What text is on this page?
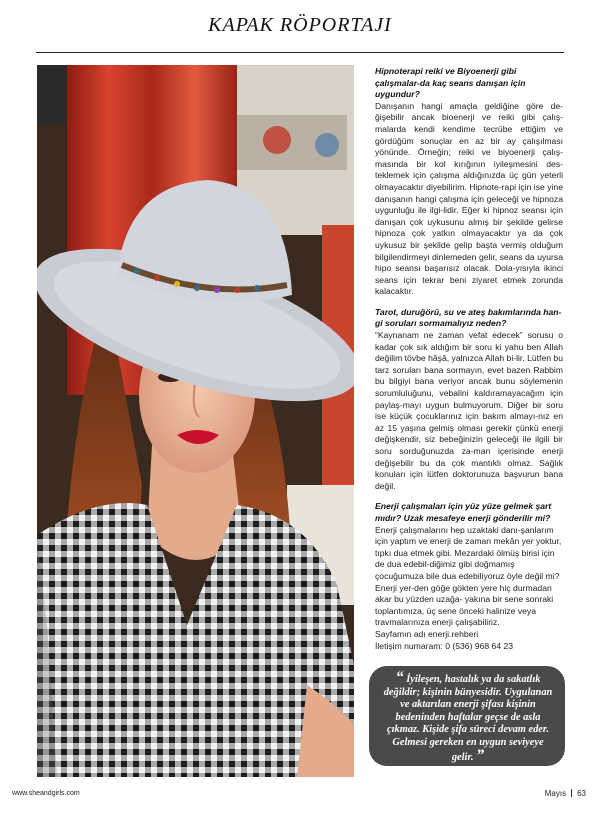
KAPAK RÖPORTAJI

Hipnoterapi reiki ve Biyoenerji gibi çalışmalar-da kaç seans danışan için uygundur?

Danışanın hangi amaçla geldiğine göre de-ğişebilir ancak bioenerji ve reiki gibi çalış-malarda kendi kendime tecrübe ettiğim ve gördüğüm sonuçlar en az bir ay çalışılması yönünde. Örneğin; reiki ve biyoenerji çalış-masında bir kol kırığının iyileşmesini des-teklemek için çalışma aldığınızda üç gün yeterli olmayacaktır diyebilirim. Hipnote-rapi için ise yine danışanın hangi çalışma için geleceği ve hipnoza uygunluğu ile ilgi-lidir. Eğer ki hipnoz seansı için danışan çok uykusunu almış bir şekilde gelirse hipnoza çok yatkın olmayacaktır ya da çok uykusuz bir şekilde gelip başta vermiş olduğum bilgilendirmeyi dinlemeden gelir, seans da uyursa hipo seansı başarısız olacak. Dola-yısıyla ikinci seans için tekrar beni ziyaret etmek zorunda kalacaktır.

Tarot, duruğörü, su ve ateş bakımlarında han-gi soruları sormamalıyız neden?

“Kaynanam ne zaman vefat edecek” sorusu o kadar çok sık aldığım bir soru ki yahu ben Allah değilim tövbe hâşâ, yalnızca Allah bi-lir. Lütfen bu tarz soruları bana sormayın, evet bazen Rabbim bu bilgiyi bana veriyor ancak bunu söylemenin sorumluluğunu, vebalini kaldıramayacağım için paylaş-mayı uygun bulmuyorum. Diğer bir soru ise küçük çocuklarınız için bakım almayı-nız en az 15 yaşına gelmiş olması gerekir çünkü enerji değişkendir, siz bebeğinizin geleceği ile ilgili bir soru sorduğunuzda za-man içerisinde enerji değişebilir bu da çok mantıklı olmaz. Sağlık konuları için lütfen doktorunuza başvurun bana değil.

Enerji çalışmaları için yüz yüze gelmek şart mıdır? Uzak mesafeye enerji gönderilir mi?

Enerji çalışmalarını hep uzaktaki danı-şanlarım için yaptım ve enerji de zaman mekân yer yoktur, tıpkı dua etmek gibi. Mezardaki ölmüş birisi için de dua edebil-diğimiz gibi doğmamış çocuğumuza bile dua edebiliyoruz öyle değil mi? Enerji yer-den göğe gökten yere hiç durmadan akar bu yüzden uzağa- yakına bir sene sonraki toplantımıza, üç sene önceki halinize veya travmalarınıza enerji çalışabiliriz.

Sayfamın adı enerji.rehberi

İletişim numaram: 0 (536) 968 64 23

“ İyileşen, hastalık ya da sakatlık değildir; kişinin bünyesidir. Uygulanan ve aktarılan enerji şifası kişinin bedeninden haftalar geçse de asla çıkmaz. Kişide şifa süreci devam eder. Gelmesi gereken en uygun seviyeye gelir. ”
www.sheandgirls.com	Mayıs 63
